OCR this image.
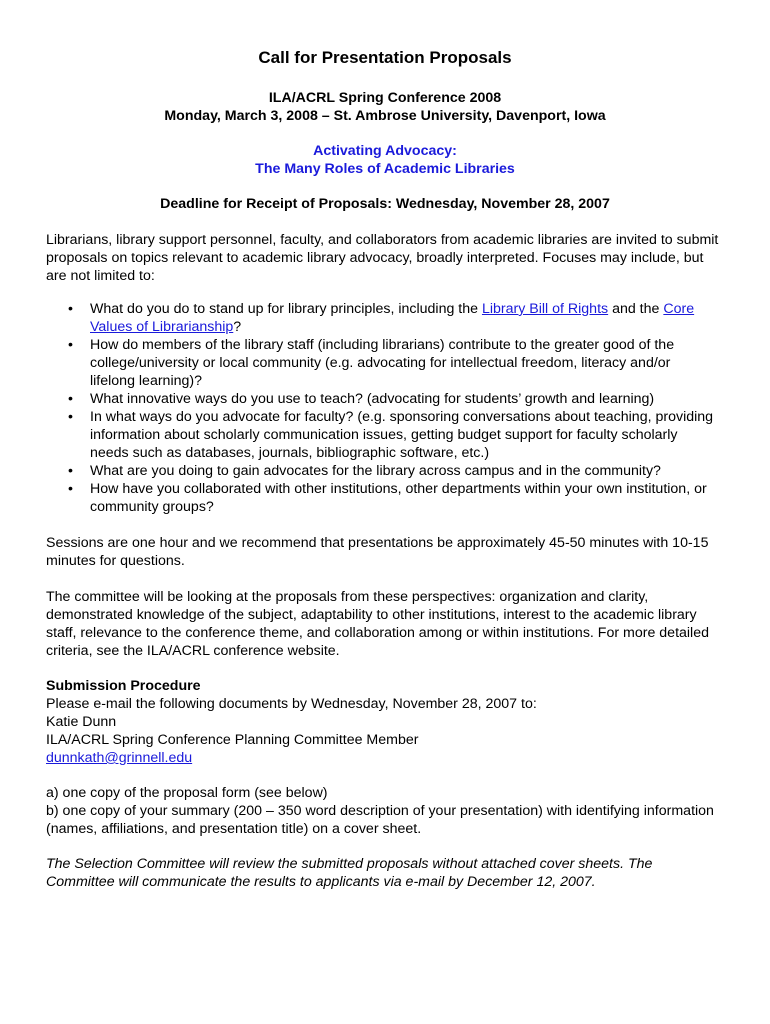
Call for Presentation Proposals
ILA/ACRL Spring Conference 2008
Monday, March 3, 2008 – St. Ambrose University, Davenport, Iowa
Activating Advocacy:
The Many Roles of Academic Libraries
Deadline for Receipt of Proposals: Wednesday, November 28, 2007

Librarians, library support personnel, faculty, and collaborators from academic libraries are invited to submit proposals on topics relevant to academic library advocacy, broadly interpreted. Focuses may include, but are not limited to:

• What do you do to stand up for library principles, including the Library Bill of Rights and the Core Values of Librarianship?
• How do members of the library staff (including librarians) contribute to the greater good of the college/university or local community (e.g. advocating for intellectual freedom, literacy and/or lifelong learning)?
• What innovative ways do you use to teach? (advocating for students’ growth and learning)
• In what ways do you advocate for faculty? (e.g. sponsoring conversations about teaching, providing information about scholarly communication issues, getting budget support for faculty scholarly needs such as databases, journals, bibliographic software, etc.)
• What are you doing to gain advocates for the library across campus and in the community?
• How have you collaborated with other institutions, other departments within your own institution, or community groups?

Sessions are one hour and we recommend that presentations be approximately 45-50 minutes with 10-15 minutes for questions.

The committee will be looking at the proposals from these perspectives: organization and clarity, demonstrated knowledge of the subject, adaptability to other institutions, interest to the academic library staff, relevance to the conference theme, and collaboration among or within institutions. For more detailed criteria, see the ILA/ACRL conference website.

Submission Procedure
Please e-mail the following documents by Wednesday, November 28, 2007 to:
Katie Dunn
ILA/ACRL Spring Conference Planning Committee Member
dunnkath@grinnell.edu
a) one copy of the proposal form (see below)
b) one copy of your summary (200 – 350 word description of your presentation) with identifying information (names, affiliations, and presentation title) on a cover sheet.

The Selection Committee will review the submitted proposals without attached cover sheets. The Committee will communicate the results to applicants via e-mail by December 12, 2007.
